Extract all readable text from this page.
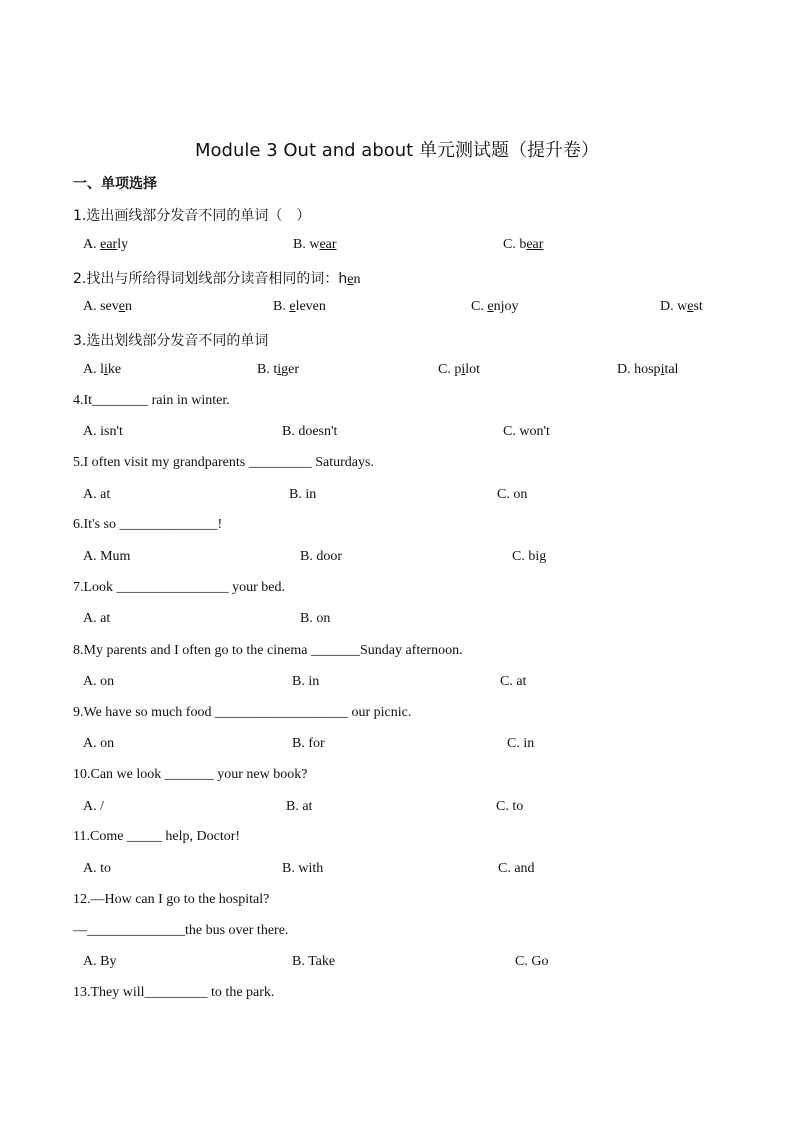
Module 3 Out and about 单元测试题（提升卷）
一、单项选择
1.选出画线部分发音不同的单词（　）
A. early	B. wear	C. bear
2.找出与所给得词划线部分读音相同的词：hen
A. seven	B. eleven	C. enjoy	D. west
3.选出划线部分发音不同的单词
A. like	B. tiger	C. pilot	D. hospital
4.It________ rain in winter.
A. isn't	B. doesn't	C. won't
5.I often visit my grandparents _________ Saturdays.
A. at	B. in	C. on
6.It's so ______________!
A. Mum	B. door	C. big
7.Look ________________ your bed.
A. at	B. on
8.My parents and I often go to the cinema _______Sunday afternoon.
A. on	B. in	C. at
9.We have so much food ___________________ our picnic.
A. on	B. for	C. in
10.Can we look _______ your new book?
A. /	B. at	C. to
11.Come _____ help, Doctor!
A. to	B. with	C. and
12.—How can I go to the hospital?
—______________the bus over there.
A. By	B. Take	C. Go
13.They will_________ to the park.
